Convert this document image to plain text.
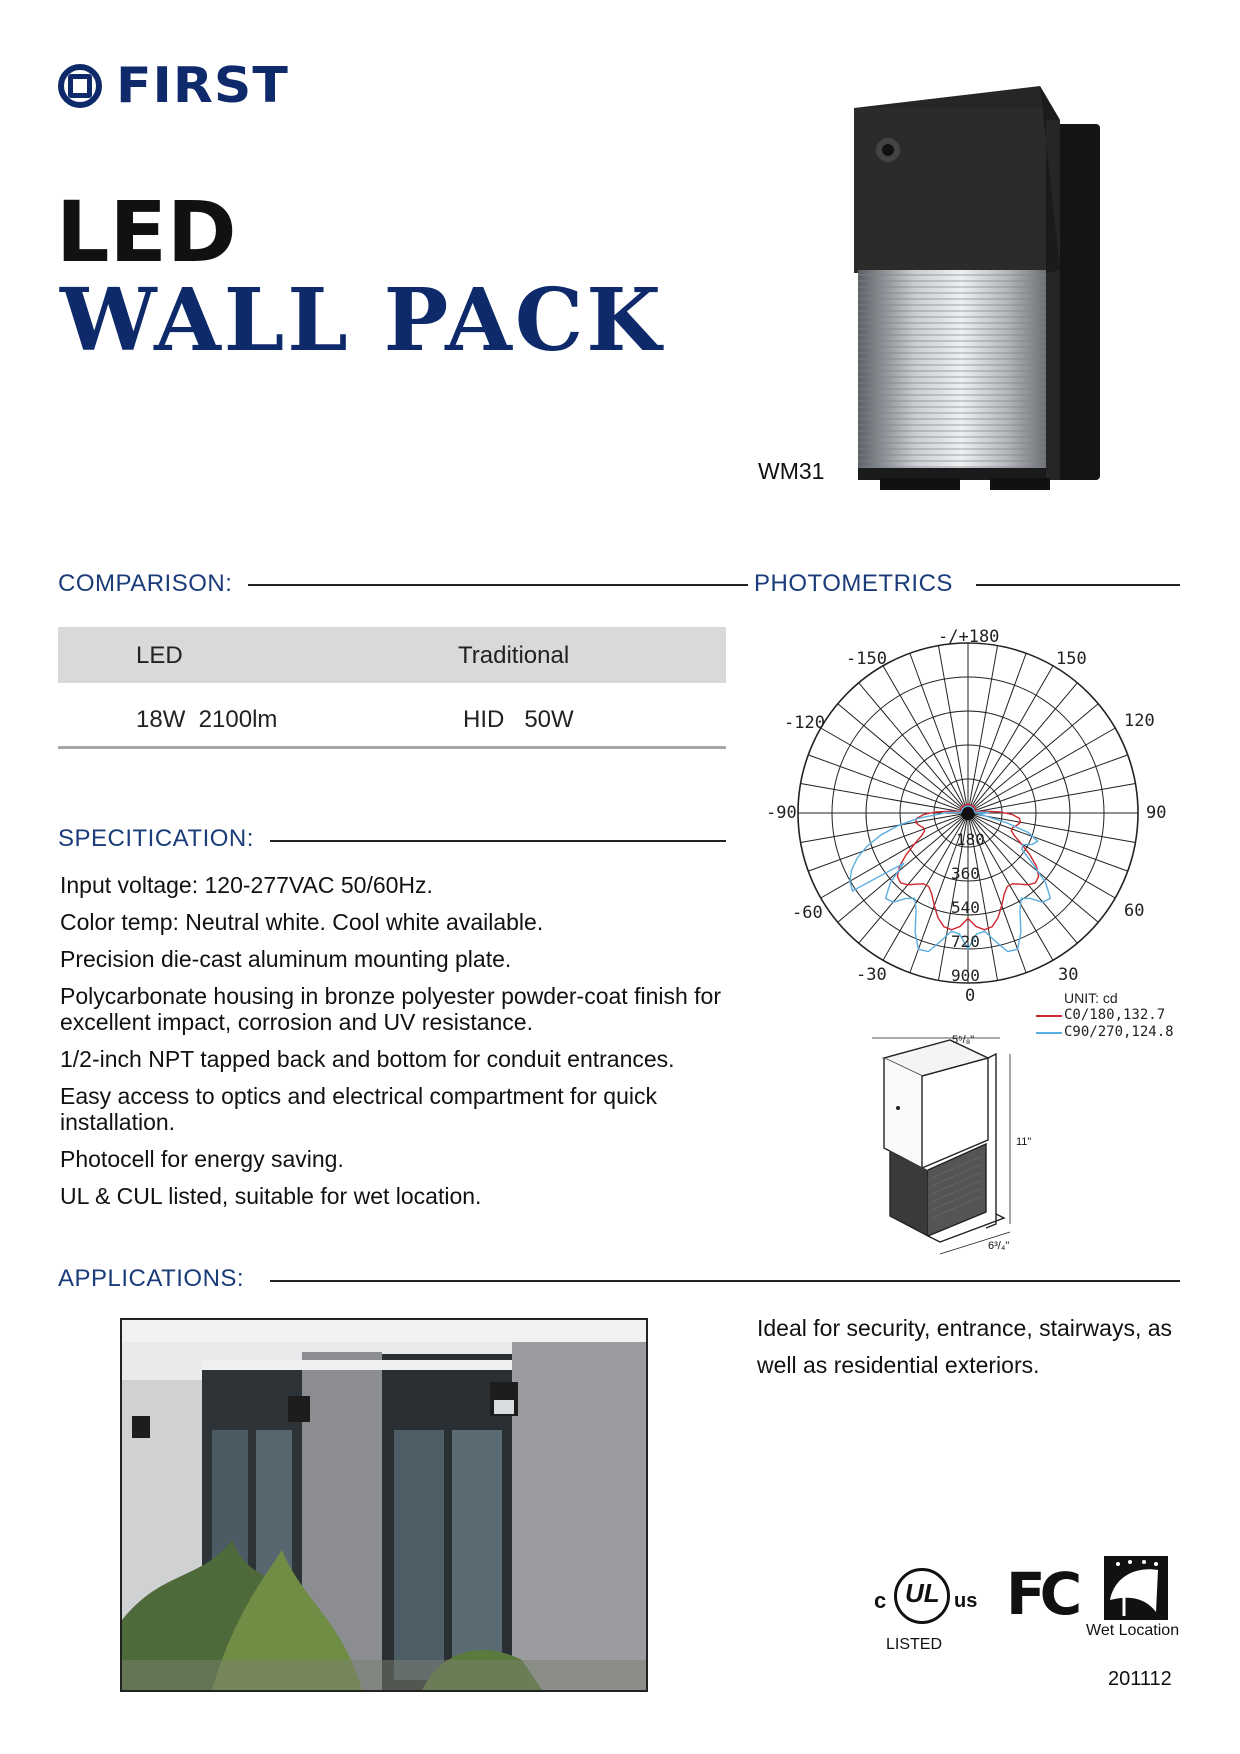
FIRST
LED
WALL PACK
WM31
COMPARISON:
LED	Traditional
18W  2100lm	HID   50W
PHOTOMETRICS
-/+180
-150	150
-120	120
-90	90
-60	60
-30	30
0
180
360
540
720
900
UNIT: cd
C0/180,132.7
C90/270,124.8
5⁵/₈"
11"
6³/₄"
SPECITICATION:
Input voltage: 120-277VAC 50/60Hz.
Color temp: Neutral white. Cool white available.
Precision die-cast aluminum mounting plate.
Polycarbonate housing in bronze polyester powder-coat finish for excellent impact, corrosion and UV resistance.
1/2-inch NPT tapped back and bottom for conduit entrances.
Easy access to optics and electrical compartment for quick installation.
Photocell for energy saving.
UL & CUL listed, suitable for wet location.
APPLICATIONS:
Ideal for security, entrance, stairways, as well as residential exteriors.
c UL us
LISTED
FC
Wet Location
201112
